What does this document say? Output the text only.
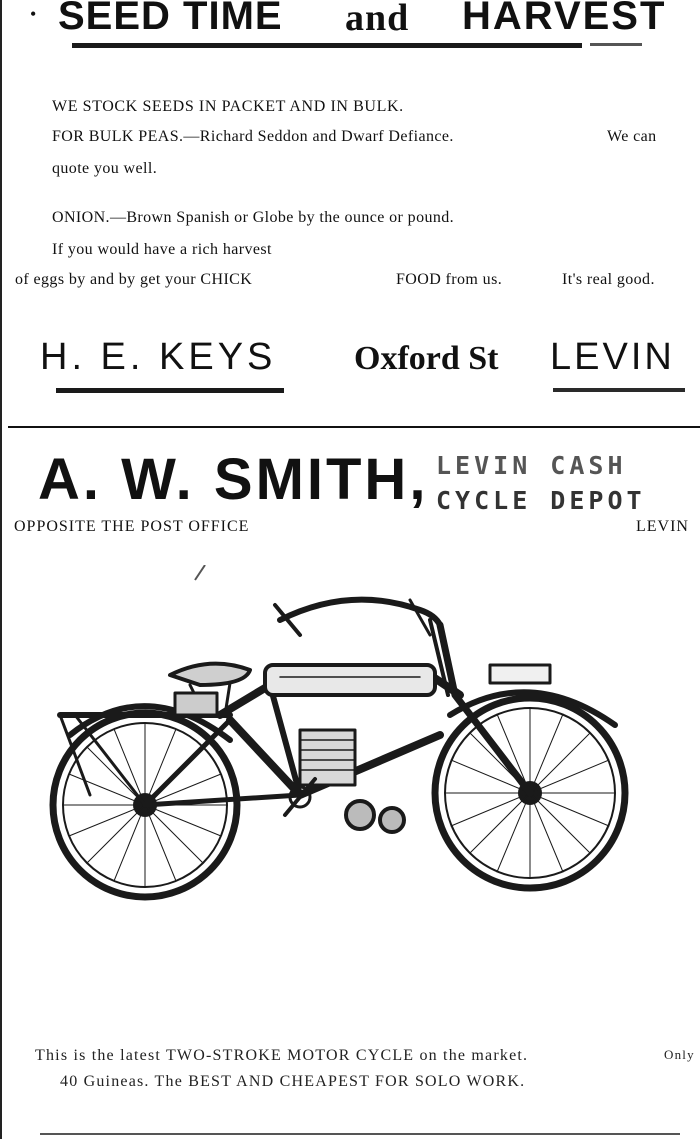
• SEED TIME and HARVEST
WE STOCK SEEDS IN PACKET AND IN BULK.
FOR BULK PEAS.—Richard Seddon and Dwarf Defiance.	We can
quote you well.
ONION.—Brown Spanish or Globe by the ounce or pound.
If you would have a rich harvest
of eggs by and by get your CHICK	FOOD from us.	It's real good.
H. E. KEYS Oxford St LEVIN
A. W. SMITH, LEVIN CASH
CYCLE DEPOT
OPPOSITE THE POST OFFICE	LEVIN
This is the latest TWO-STROKE MOTOR CYCLE on the market.	Only
40 Guineas. The BEST AND CHEAPEST FOR SOLO WORK.
